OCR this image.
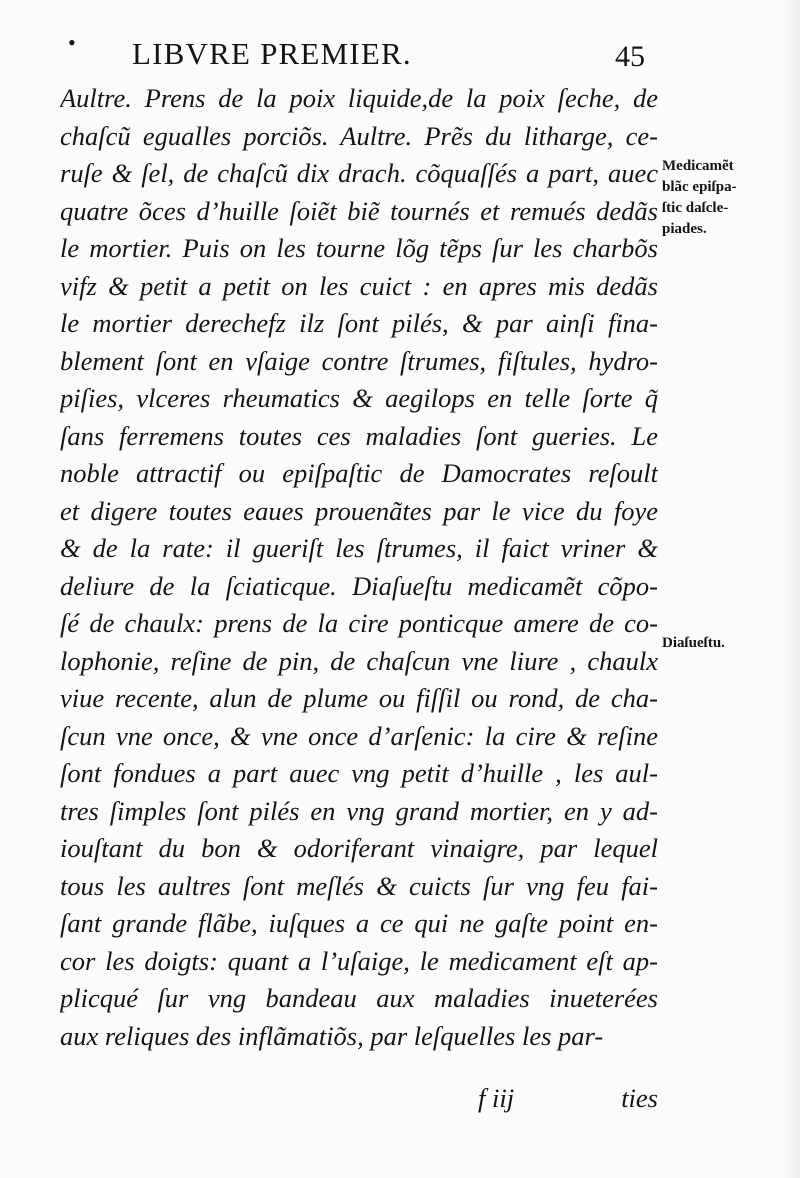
• LIBVRE PREMIER.	45
Aultre. Prens de la poix liquide,de la poix ſeche, de
chaſcũ egualles porciõs. Aultre. Prẽs du litharge, ce-
ruſe & ſel, de chaſcũ dix drach. cõquaſſés a part, auec
quatre õces d’huille ſoiẽt biẽ tournés et remués dedãs
le mortier. Puis on les tourne lõg tẽps ſur les charbõs
vifz & petit a petit on les cuict : en apres mis dedãs
le mortier derechefz ilz ſont pilés, & par ainſi fina-
blement ſont en vſaige contre ſtrumes, fiſtules, hydro-
piſies, vlceres rheumatics & aegilops en telle ſorte q̃
ſans ferremens toutes ces maladies ſont gueries. Le
noble attractif ou epiſpaſtic de Damocrates reſoult
et digere toutes eaues prouenãtes par le vice du foye
& de la rate: il gueriſt les ſtrumes, il faict vriner &
deliure de la ſciaticque. Diaſueſtu medicamẽt cõpo-
ſé de chaulx: prens de la cire ponticque amere de co-
lophonie, reſine de pin, de chaſcun vne liure , chaulx
viue recente, alun de plume ou fiſſil ou rond, de cha-
ſcun vne once, & vne once d’arſenic: la cire & reſine
ſont fondues a part auec vng petit d’huille , les aul-
tres ſimples ſont pilés en vng grand mortier, en y ad-
iouſtant du bon & odoriferant vinaigre, par lequel
tous les aultres ſont meſlés & cuicts ſur vng feu fai-
ſant grande flãbe, iuſques a ce qui ne gaſte point en-
cor les doigts: quant a l’uſaige, le medicament eſt ap-
plicqué ſur vng bandeau aux maladies inueterées
aux reliques des inflãmatiõs, par leſquelles les par-
Medicamẽt
blãc epiſpa-
ſtic daſcle-
piades.
Diaſueſtu.
f iij	ties
